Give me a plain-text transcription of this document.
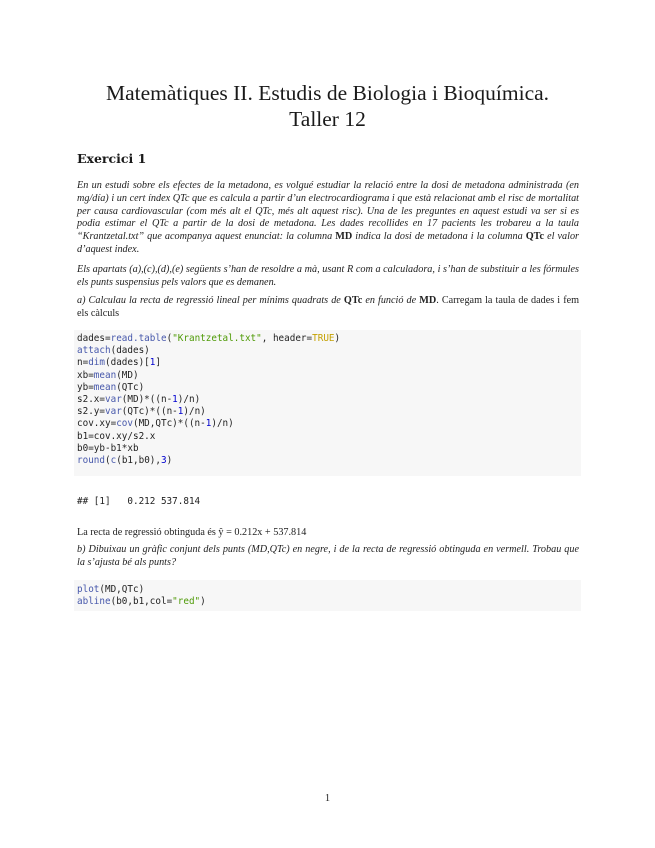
Matemàtiques II. Estudis de Biologia i Bioquímica.
Taller 12
Exercici 1
En un estudi sobre els efectes de la metadona, es volgué estudiar la relació entre la dosi de metadona administrada (en mg/día) i un cert índex QTc que es calcula a partir d’un electrocardiograma i que està relacionat amb el risc de mortalitat per causa cardiovascular (com més alt el QTc, més alt aquest risc). Una de les preguntes en aquest estudi va ser si es podia estimar el QTc a partir de la dosi de metadona. Les dades recollides en 17 pacients les trobareu a la taula “Krantzetal.txt” que acompanya aquest enunciat: la columna MD indica la dosi de metadona i la columna QTc el valor d’aquest index.
Els apartats (a),(c),(d),(e) següents s’han de resoldre a mà, usant R com a calculadora, i s’han de substituir a les fórmules els punts suspensius pels valors que es demanen.
a) Calculau la recta de regressió lineal per mínims quadrats de QTc en funció de MD. Carregam la taula de dades i fem els càlculs
dades=read.table("Krantzetal.txt", header=TRUE)
attach(dades)
n=dim(dades)[1]
xb=mean(MD)
yb=mean(QTc)
s2.x=var(MD)*((n-1)/n)
s2.y=var(QTc)*((n-1)/n)
cov.xy=cov(MD,QTc)*((n-1)/n)
b1=cov.xy/s2.x
b0=yb-b1*xb
round(c(b1,b0),3)
## [1]   0.212 537.814
La recta de regressió obtinguda és ŷ = 0.212x + 537.814
b) Dibuixau un gràfic conjunt dels punts (MD,QTc) en negre, i de la recta de regressió obtinguda en vermell. Trobau que la s’ajusta bé als punts?
plot(MD,QTc)
abline(b0,b1,col="red")
1
